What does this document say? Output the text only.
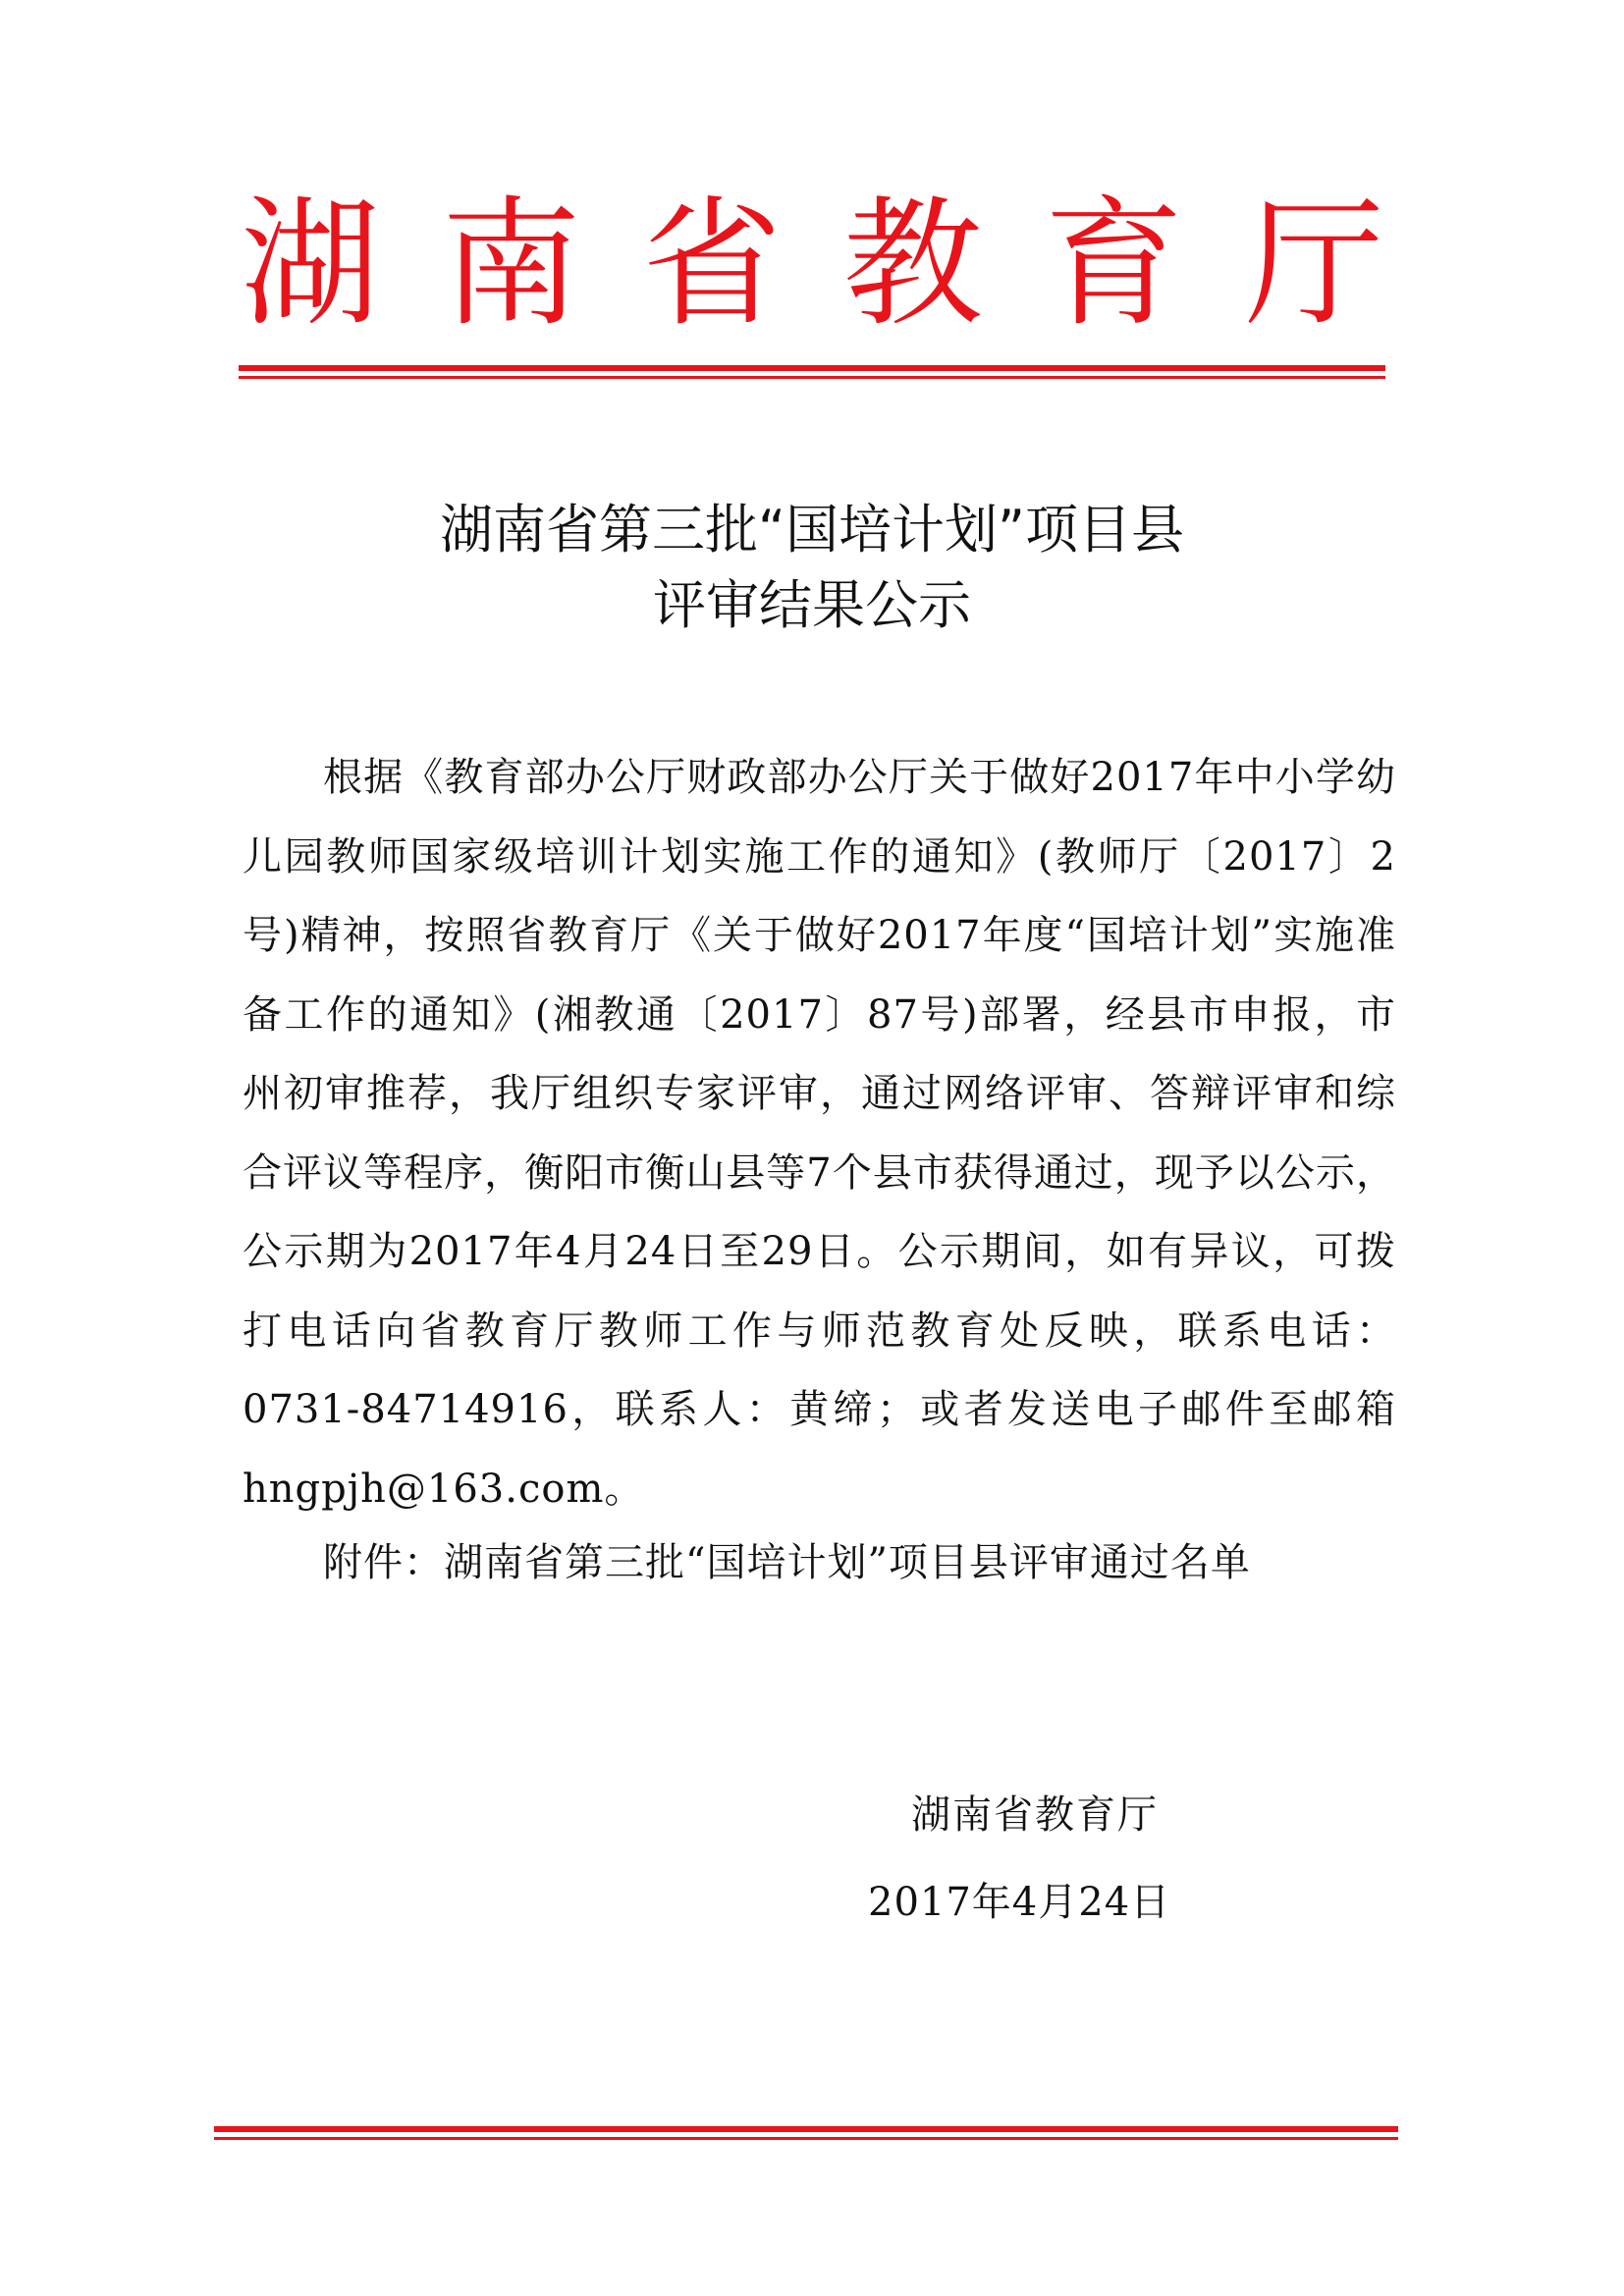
湖 南 省 教 育 厅
湖南省第三批“国培计划”项目县
评审结果公示

根据《教育部办公厅财政部办公厅关于做好2017年中小学幼儿园教师国家级培训计划实施工作的通知》(教师厅〔2017〕2号)精神，按照省教育厅《关于做好2017年度“国培计划”实施准备工作的通知》(湘教通〔2017〕87号)部署，经县市申报，市州初审推荐，我厅组织专家评审，通过网络评审、答辩评审和综合评议等程序，衡阳市衡山县等7个县市获得通过，现予以公示，公示期为2017年4月24日至29日。公示期间，如有异议，可拨打电话向省教育厅教师工作与师范教育处反映，联系电话：0731-84714916，联系人：黄缔；或者发送电子邮件至邮箱hngpjh@163.com。

附件：湖南省第三批“国培计划”项目县评审通过名单

湖南省教育厅
2017年4月24日
